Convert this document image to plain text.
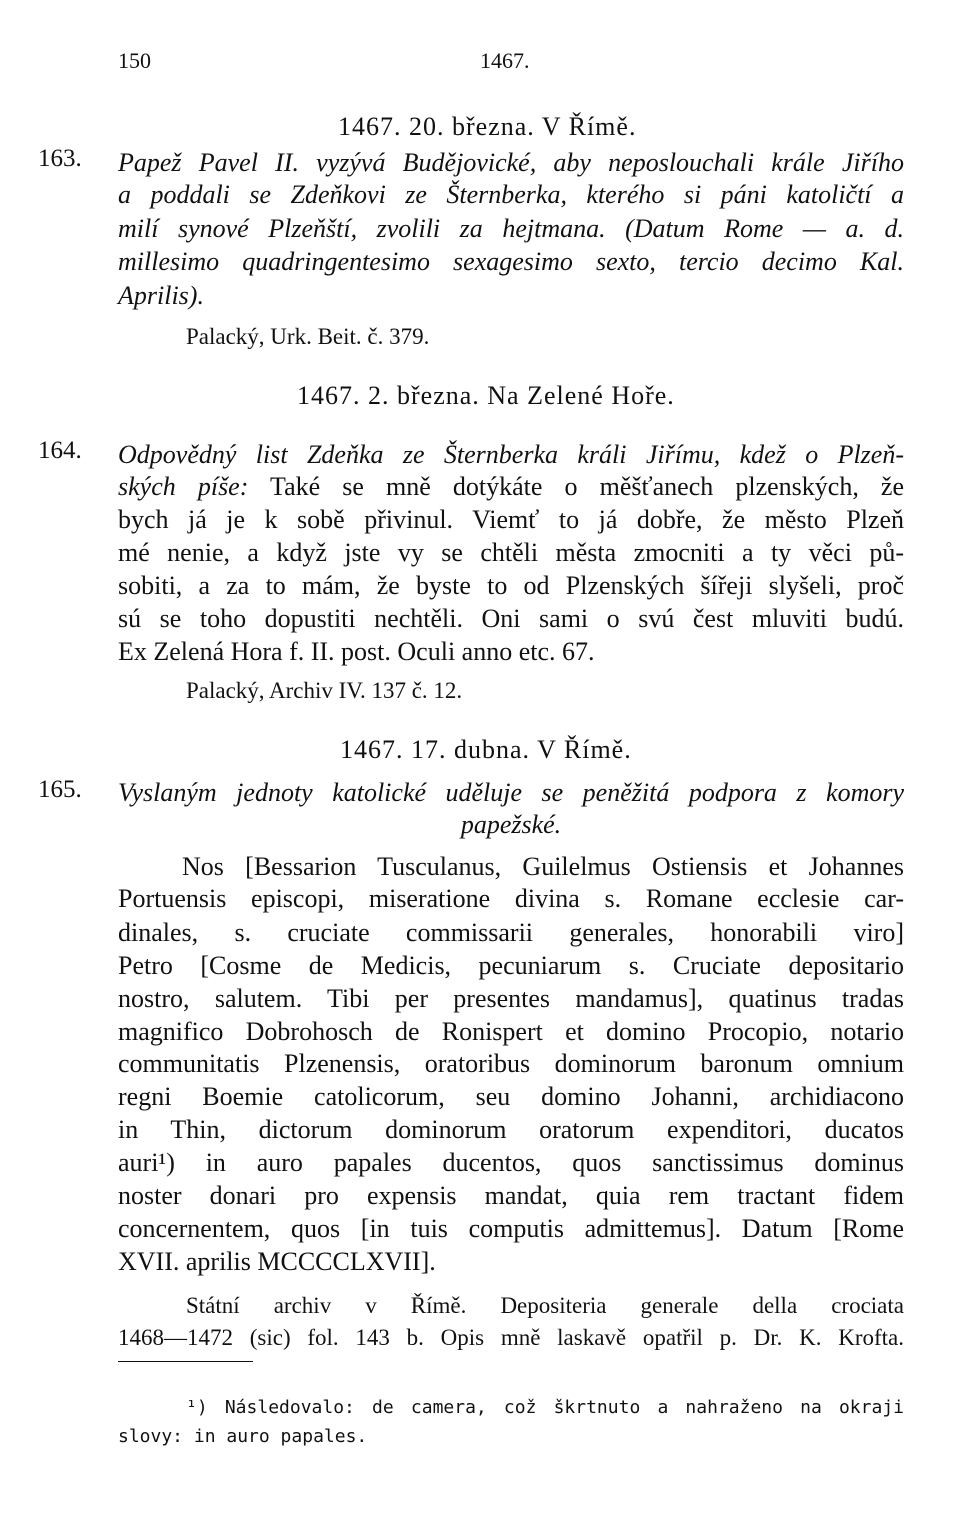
150	1467.
1467. 20. března. V Římě.
163. Papež Pavel II. vyzývá Budějovické, aby neposlouchali krále Jiřího
a poddali se Zdeňkovi ze Šternberka, kterého si páni katoličtí a
milí synové Plzeňští, zvolili za hejtmana. (Datum Rome — a. d.
millesimo quadringentesimo sexagesimo sexto, tercio decimo Kal.
Aprilis).
Palacký, Urk. Beit. č. 379.
1467. 2. března. Na Zelené Hoře.
164. Odpovědný list Zdeňka ze Šternberka králi Jiřímu, kdež o Plzeň-
ských píše: Také se mně dotýkáte o měšťanech plzenských, že
bych já je k sobě přivinul. Viemť to já dobře, že město Plzeň
mé nenie, a když jste vy se chtěli města zmocniti a ty věci pů-
sobiti, a za to mám, že byste to od Plzenských šířeji slyšeli, proč
sú se toho dopustiti nechtěli. Oni sami o svú čest mluviti budú.
Ex Zelená Hora f. II. post. Oculi anno etc. 67.
Palacký, Archiv IV. 137 č. 12.
1467. 17. dubna. V Římě.
165. Vyslaným jednoty katolické uděluje se peněžitá podpora z komory
papežské.
Nos [Bessarion Tusculanus, Guilelmus Ostiensis et Johannes
Portuensis episcopi, miseratione divina s. Romane ecclesie car-
dinales, s. cruciate commissarii generales, honorabili viro]
Petro [Cosme de Medicis, pecuniarum s. Cruciate depositario
nostro, salutem. Tibi per presentes mandamus], quatinus tradas
magnifico Dobrohosch de Ronispert et domino Procopio, notario
communitatis Plzenensis, oratoribus dominorum baronum omnium
regni Boemie catolicorum, seu domino Johanni, archidiacono
in Thin, dictorum dominorum oratorum expenditori, ducatos
auri¹) in auro papales ducentos, quos sanctissimus dominus
noster donari pro expensis mandat, quia rem tractant fidem
concernentem, quos [in tuis computis admittemus]. Datum [Rome
XVII. aprilis MCCCCLXVII].
Státní archiv v Římě. Depositeria generale della crociata
1468—1472 (sic) fol. 143 b. Opis mně laskavě opatřil p. Dr. K. Krofta.
¹) Následovalo: de camera, což škrtnuto a nahraženo na okraji
slovy: in auro papales.
